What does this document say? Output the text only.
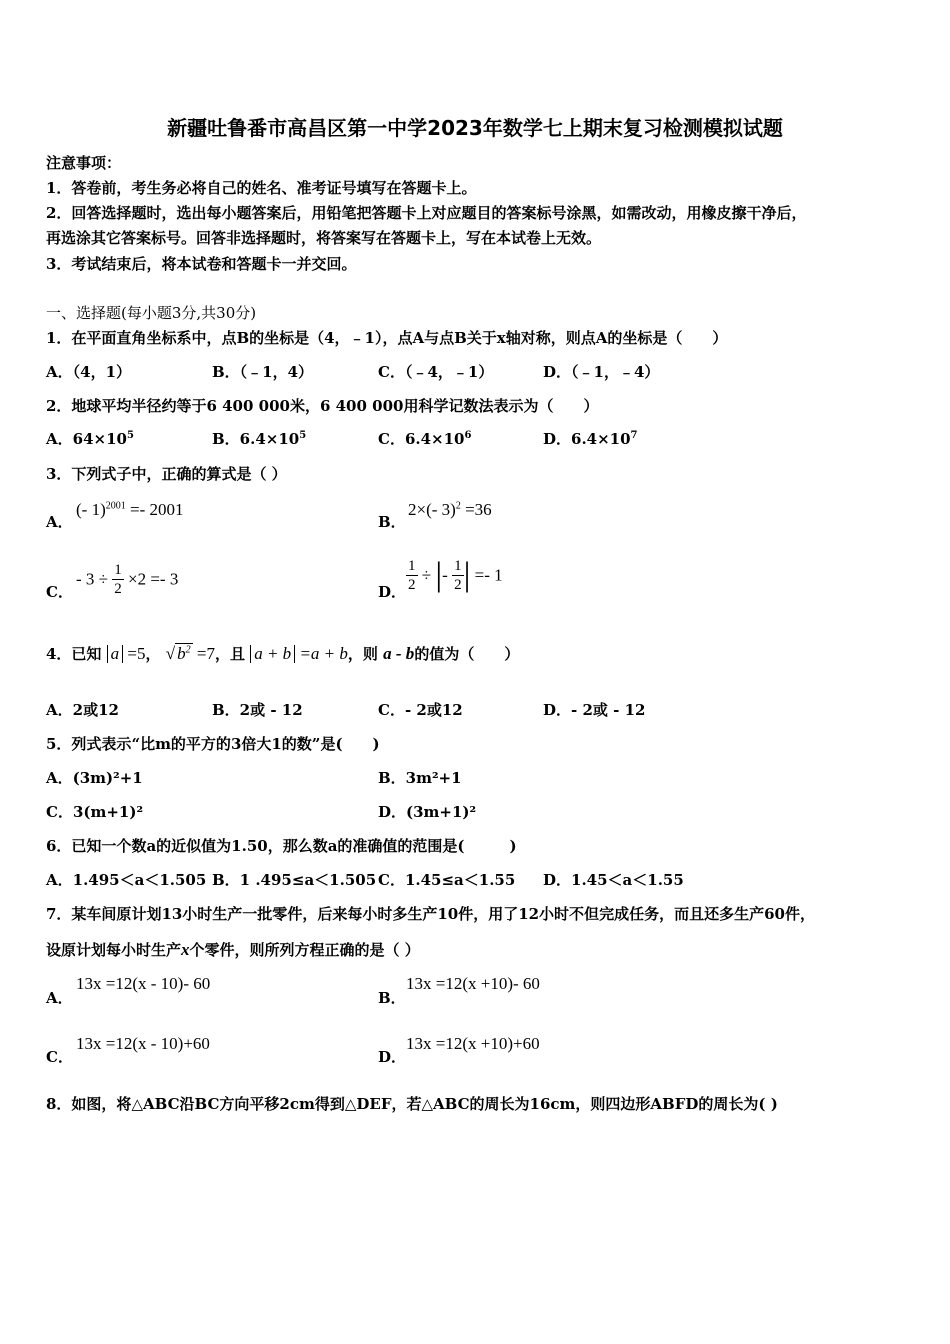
新疆吐鲁番市高昌区第一中学2023年数学七上期末复习检测模拟试题
注意事项：
1．答卷前，考生务必将自己的姓名、准考证号填写在答题卡上。
2．回答选择题时，选出每小题答案后，用铅笔把答题卡上对应题目的答案标号涂黑，如需改动，用橡皮擦干净后，
再选涂其它答案标号。回答非选择题时，将答案写在答题卡上，写在本试卷上无效。
3．考试结束后，将本试卷和答题卡一并交回。
一、选择题(每小题3分,共30分)
1．在平面直角坐标系中，点B的坐标是（4，﹣1），点A与点B关于x轴对称，则点A的坐标是（　　）
A．（4，1）	B．（﹣1，4）	C．（﹣4，﹣1）	D．（﹣1，﹣4）
2．地球平均半径约等于6 400 000米，6 400 000用科学记数法表示为（　　）
A．$64\times 10^5$	B．$6.4\times 10^5$	C．$6.4\times 10^6$	D．$6.4\times 10^7$
3．下列式子中，正确的算式是（ ）
A．
(- 1)$^{2001}$ =- 2001
B．
2×(- 3)$^2$ =36
C．
- $3 \div \frac{1}{2} \times 2 =- 3$
D． $\frac{1}{2}$ ÷ |- $\frac{1}{2}$ | =- 1
4．已知 a =5， √ $b^2 =7$，且 a + b =a + b，则 a - b的值为（　　）
A．2或12	B．2或 - 12	C．- 2或12	D．- 2或 - 12
5．列式表示“比m的平方的3倍大1的数”是(　　)
A．(3m)²+1	B．3m²+1
C．3(m+1)²	D．(3m+1)²
6．已知一个数a的近似值为1.50，那么数a的准确值的范围是(　　　)
A．1.495＜a＜1.505 B．1 .495≤a＜1.505 C．1.45≤a＜1.55 D．1.45＜a＜1.55
7．某车间原计划13小时生产一批零件，后来每小时多生产10件，用了12小时不但完成任务，而且还多生产60件，
设原计划每小时生产x个零件，则所列方程正确的是（ ）
A．
13x =12(x - 10)- 60
B．
13x =12(x +10)- 60
C．
13x =12(x - 10)+60
D．
13x =12(x +10)+60
8．如图，将△ABC沿BC方向平移2cm得到△DEF，若△ABC的周长为16cm，则四边形ABFD的周长为( )
